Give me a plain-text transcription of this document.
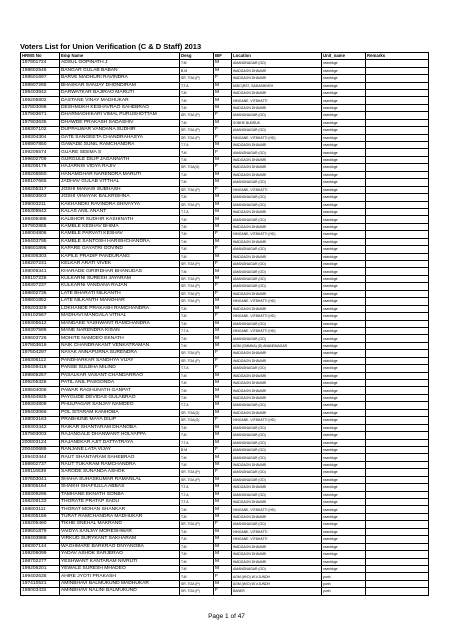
Voters List for Union Verification (C & D Staff) 2013
HRMS No	Emp Name	Desg	BIF	Location	Unit_name	Remarks
197901724	ADSUL GOPINATH J	T.M	M	AMANGNAGAR (OD)	nsechkge	
198602546	BANGAR GULAB BABAN	B.M	M	WADGAON DHAVARI	nsechkge	
198501697	BARVE MADHURI RAVINDRA	SR. TOA (P)	F	WADGAON DHAVARI	nsechkge	
198907265	BHASKAR SANJAY DHONDIRAM	T.T.A	M	MIDC(RS7, SADASHIVEH	nsechkge	
199403842	DARWATKAR BAJIRAO MARUTI	T.M	M	WADGAON DHAVARI	nsechkge	
199205802	DASTANE VINAY MADHUKAR	T.M	M	HINGANE, VITBHATTI	nsechkge	
197803098	DESHMUKH KESHAVRAO SAHEBRAO	T.M	M	WADGAON DHAVARI	nsechkge	
197903671	DHARMADHIKARI VIMAL PURUSHOTTAM	SR. TOA (P)	F	AMANGNAGAR (OD)	nsechkge	
197903635	DHAWDE PRAKASH SADASHIV	T.M	M	SOBHE BUDRUK	nsechkge	
198307102	DUPPALWAR VANDANA SUDHIR	SR. TOA (P)	F	AMANGNAGAR (OD)	nsechkge	
198304304	GATE SANGEETA CHANDRAHASYA	SR. TOA (P)	F	HINGANE, VITBHATTI (HD)	nsechkge	
198907850	GAWADE SUNIL RAMCHANDRA	T.T.A	M	WADGAON DHAVARI	nsechkge	
199206574	GUARE SEEMA S	T.M	F	AMANGNAGAR (OD)	nsechkge	
199602709	GURGULE DILIP JAGANNATH	T.M	M	WADGAON DHAVARI	nsechkge	
198206176	HAJARNIS VIDYA RAJIV	SR. TOA(G)	F	WADGAON DHAVARI	nsechkge	
198206550	HANAMGHAR NARENDRA MARUTI	T.M	M	WADGAON DHAVARI	nsechkge	
198107665	JADHAV GULAB VITTHAL	T.M	M	AMANGNAGAR (OD)	nsechkge	
198205317	JOSHI MANASI SUBHASH	SR. TOA (P)	F	HINGANE, VITBHATTI	nsechkge	
198603603	JOSHI VINAYAK BALKRISHNA	T.M	M	AMANGNAGAR (OD)	nsechkge	
199003211	KAKHANDKI RAVINDRA SHIVAYYA	SR. TOA (P)	M	AMANGNAGAR (OD)	nsechkge	
196309842	KALAS ANIL ANANT	T.T.A	M	WADGAON DHAVARI	nsechkge	
199405485	KALBHOR SUDHIR KASHINATH	T.M	M	AMANGNAGAR (OD)	nsechkge	
197902865	KAMBLE KESHAV BHIMA	T.M	M	WADGAON DHAVARI	nsechkge	
198004806	KAMBLE PARVATI KESHAV	T.M	F	HINGANE, VITBHATTI (HD)	nsechkge	
196403795	KAMBLE SANTOSH HARISHCHANDRA	T.M	M	WADGAON DHAVARI	nsechkge	
198601896	KAPARE GAYATRI GOVIND	T.M	F	AMANGNAGAR (OD)	nsechkge	
198306303	KAPILE PRADIP PANDURANG	T.M	M	WADGAON DHAVARI	nsechkge	
198207231	KELKAR ARATI VIVEK	SR. TOA (P)	F	AMANGNAGAR (OD)	nsechkge	
198006341	KHARADE GIRIRDHAR BHANUDAS	T.M	M	AMANGNAGAR (OD)	nsechkge	
198107226	KULKARNI SURESH JAYARAM	SR. TOA (P)	M	AMANGNAGAR (OD)	nsechkge	
198307237	KULKARNI VANDANA RAJAN	SR. TOA (P)	F	AMANGNAGAR (OD)	nsechkge	
198802735	LATE BHARATI NILKANTH	SR. TOA (P)	F	WADGAON DHAVARI	nsechkge	
198801852	LATE NILKANTH MANOHAR	SR. TOA (P)	M	HINGANE, VITBHATTI (HD)	nsechkge	
199203329	LOKHANDE PRAKASH RAMCHANDRA	T.M	M	WADGAON DHAVARI	nsechkge	
199102567	MADHAVI MANGALA VITHAL	T.M	F	HINGANE, VITBHATTI (HD)	nsechkge	
199305612	MANDAKE YASHWANT RAMCHANDRA	T.M	M	AMANGNAGAR (OD)	nsechkge	
198307599	MANE NARENDRA KISAN	T.T.A	M	HINGANE, VITBHATTI (HD)	nsechkge	
199603726	MOHITE NAMDEO EKNATH	T.M	M	AMANGNAGAR (OD)	nsechkge	
197803616	NAIK CHANDRAKANT VENKATRAMAN	T.M	M	AGM (CMMHA) (D) ANANDNAGAR	nsechkge	
197504297	NAYAK ANNAPURNA SURENDRA	SR. TOA (P)	F	WADGAON DHAVARI	nsechkge	
198306112	PANDHARKAR SANDHYA VIJAY	SR. TOA (P)	F	WADGAON DHAVARI	nsechkge	
198409416	PANSE SULBHA MILIND	T.T.A	F	AMANGNAGAR (OD)	nsechkge	
198905257	PASALKAR VASANT CHANDARRAO	T.M	M	WADGAON DHAVARI	nsechkge	
199205326	PATIL ANIL PASGONDA	T.M	M	WADGAON DHAVARI	nsechkge	
199504006	PAWAR RAGHUNATH GANPAT	T.M	M	WADGAON DHAVARI	nsechkge	
199404925	PAYGUDE DEVIDAS GULABRAO	T.M	M	WADGAON DHAVARI	nsechkge	
199304808	PHULPAGAR SANJAY NAMDEO	T.T.A	M	AMANGNAGAR (OD)	nsechkge	
199403066	POL SITARAM KANHOBA	SR. TOA(G)	M	WADGAON DHAVARI	nsechkge	
198003163	PRABHUNE MAYA DILIP	SR. TOA(G)	F	HINGANE, VITBHATTI (HD)	nsechkge	
199303442	RAIKAR SHANTARAM DHANOBA	T.M	M	AMANGNAGAR (OD)	nsechkge	
197903003	RAJANGALE DHANWANT HOLYAPPA	T.M	M	AMANGNAGAR (OD)	nsechkge	
200803124	RAJANEKAR AJIT DATTATRAYA	T.T.A	M	AMANGNAGAR (OD)	nsechkge	
200400689	RANJANE LATA VIJAY	B.M	F	AMANGNAGAR (OD)	nsechkge	
199403444	RAUT SHANTARAM SAHEBRAO	T.M	M	AMANGNAGAR (OD)	nsechkge	
198902737	RAUT TUKARAM RAMCHANDRA	T.M	M	WADGAON DHAVARI	nsechkge	
198116539	SARODE SUNANDA ASHOK	SR. TOA (P)	F	AMANGNAGAR (OD)	nsechkge	
197603041	SHAHA SUHASKUMAR RAMANLAL	SR. TOA (P)	M	AMANGNAGAR (OD)	nsechkge	
198006164	SHAIKH SHAFIULLA ABBAS	T.T.A	M	WADGAON DHAVARI	nsechkge	
198309295	TAMHANE EKNATH SONBA	T.T.A	M	AMANGNAGAR (OD)	nsechkge	
198209133	THORATE PRATAP SADU	T.T.A	M	WADGAON DHAVARI	nsechkge	
198803111	THORAT MOHAN SHANKAR	T.M	M	HINGANE, VITBHATTI (HD)	nsechkge	
198305169	TURAT RAMCHANDRA MADHUKAR	T.M	M	WADGAON DHAVARI	nsechkge	
198205460	TIKHE SNEHAL MAKRAND	SR. TOA (P)	F	AMANGNAGAR (OD)	nsechkge	
199601879	VAIDYA SANJAY MORESHWAR	T.M	M	HINGANE, VITBHATTI	nsechkge	
199403988	VIRKUD SURYKANT SAKHARAM	T.M	M	HINGANE, VITBHATTI	nsechkge	
198307144	WAGHMARE BARKRAO DNYANOBA	T.M	M	WADGAON DHAVARI	nsechkge	
199206099	YADAV ASHOK SARJERAO	T.M	M	WADGAON DHAVARI	nsechkge	
198702277	YESHWANT KANTARAM NIVRUTI	T.M	M	WADGAON DHAVARI	nsechkge	
199206201	YEWALE SURESH MHADEO	T.M	M	AMANGNAGAR (OD)	nsechkge	
199402635	AHIRE JYOTI PRAKASH	T.M	F	AGM (W/O) W.V.JUNDH	punh	
197410521	AMINBHAVI BALMUKUND MADHUKAR	SR. TOA (P)	M	AGM (W/O) W.V.JUNDH	punh	
198003432	AMINBHAVI NALINI BALMUKUND	SR. TOA (P)	F	BANER	punh	
Page 1 of 47
